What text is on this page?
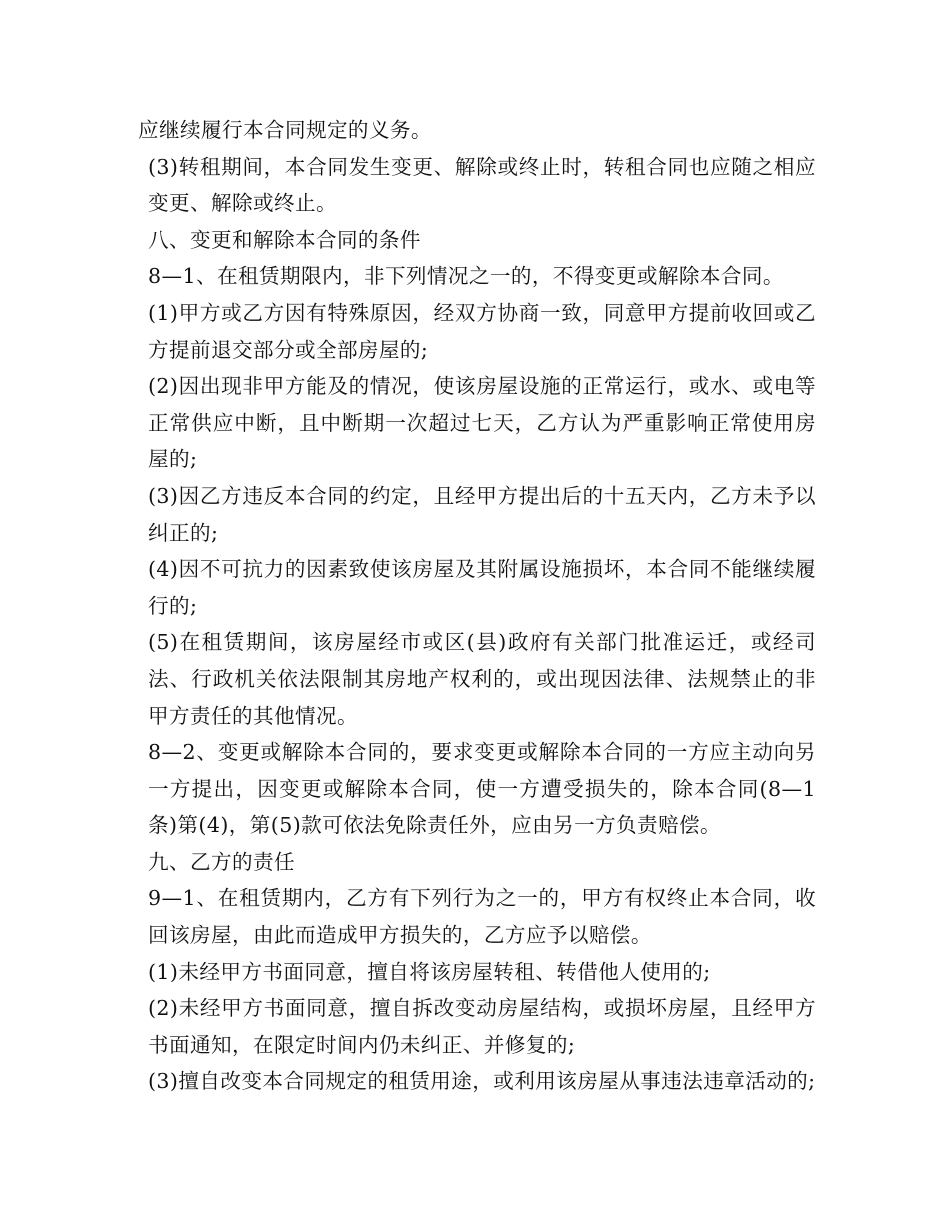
应继续履行本合同规定的义务。

(3)转租期间，本合同发生变更、解除或终止时，转租合同也应随之相应变更、解除或终止。

八、变更和解除本合同的条件

8—1、在租赁期限内，非下列情况之一的，不得变更或解除本合同。

(1)甲方或乙方因有特殊原因，经双方协商一致，同意甲方提前收回或乙方提前退交部分或全部房屋的;

(2)因出现非甲方能及的情况，使该房屋设施的正常运行，或水、或电等正常供应中断，且中断期一次超过七天，乙方认为严重影响正常使用房屋的;

(3)因乙方违反本合同的约定，且经甲方提出后的十五天内，乙方未予以纠正的;

(4)因不可抗力的因素致使该房屋及其附属设施损坏，本合同不能继续履行的;

(5)在租赁期间，该房屋经市或区(县)政府有关部门批准运迁，或经司法、行政机关依法限制其房地产权利的，或出现因法律、法规禁止的非甲方责任的其他情况。

8—2、变更或解除本合同的，要求变更或解除本合同的一方应主动向另一方提出，因变更或解除本合同，使一方遭受损失的，除本合同(8—1条)第(4)，第(5)款可依法免除责任外，应由另一方负责赔偿。

九、乙方的责任

9—1、在租赁期内，乙方有下列行为之一的，甲方有权终止本合同，收回该房屋，由此而造成甲方损失的，乙方应予以赔偿。

(1)未经甲方书面同意，擅自将该房屋转租、转借他人使用的;

(2)未经甲方书面同意，擅自拆改变动房屋结构，或损坏房屋，且经甲方书面通知，在限定时间内仍未纠正、并修复的;

(3)擅自改变本合同规定的租赁用途，或利用该房屋从事违法违章活动的;
